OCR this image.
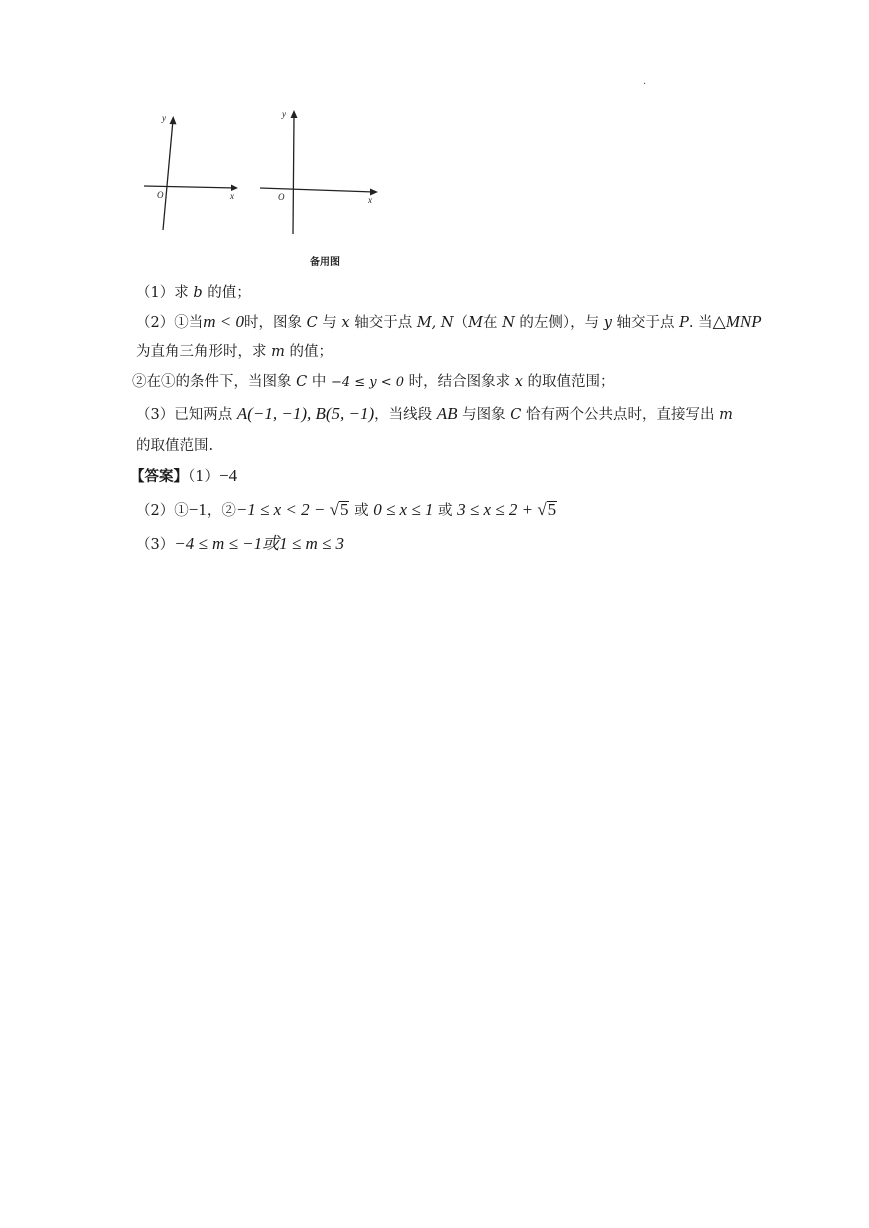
.
y
x
O
y
x
O
备用图
（1）求 b 的值；
（2）①当m < 0时，图象 C 与 x 轴交于点 M, N（M在 N 的左侧），与 y 轴交于点 P. 当△MNP
为直角三角形时，求 m 的值；
②在①的条件下，当图象 C 中 −4 ≤ y < 0 时，结合图象求 x 的取值范围；
（3）已知两点 A(−1, −1), B(5, −1)，当线段 AB 与图象 C 恰有两个公共点时，直接写出 m
的取值范围.
【答案】（1）−4
（2）①−1，②−1 ≤ x < 2 − √5 或 0 ≤ x ≤ 1 或 3 ≤ x ≤ 2 + √5
（3）−4 ≤ m ≤ −1或1 ≤ m ≤ 3
